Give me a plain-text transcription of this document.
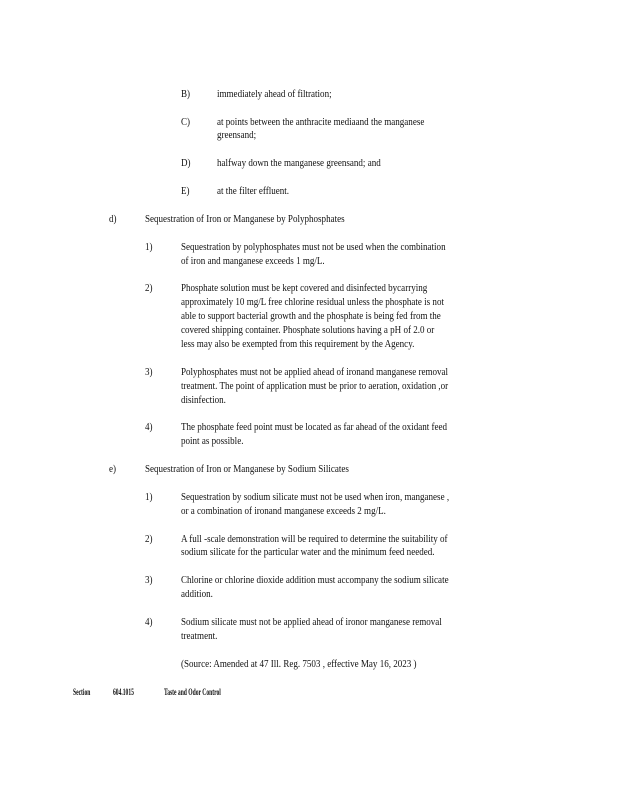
B)	immediately ahead of filtration;
C)	at points between the anthracite mediaand the manganese
greensand;
D)	halfway down the manganese greensand; and
E)	at the filter effluent.
d)	Sequestration of Iron or Manganese by Polyphosphates
1)	Sequestration by polyphosphates must not be used when the combination
of iron and manganese exceeds 1 mg/L.
2)	Phosphate solution must be kept covered and disinfected bycarrying
approximately 10 mg/L free chlorine residual unless the phosphate is not
able to support bacterial growth and the phosphate is being fed from the
covered shipping container. Phosphate solutions having a pH of 2.0 or
less may also be exempted from this requirement by the Agency.
3)	Polyphosphates must not be applied ahead of ironand manganese removal
treatment. The point of application must be prior to aeration, oxidation ,or
disinfection.
4)	The phosphate feed point must be located as far ahead of the oxidant feed
point as possible.
e)	Sequestration of Iron or Manganese by Sodium Silicates
1)	Sequestration by sodium silicate must not be used when iron, manganese ,
or a combination of ironand manganese exceeds 2 mg/L.
2)	A full -scale demonstration will be required to determine the suitability of
sodium silicate for the particular water and the minimum feed needed.
3)	Chlorine or chlorine dioxide addition must accompany the sodium silicate
addition.
4)	Sodium silicate must not be applied ahead of ironor manganese removal
treatment.
(Source: Amended at 47 Ill. Reg. 7503 , effective May 16, 2023 )
Section	604.1015	Taste and Odor Control
